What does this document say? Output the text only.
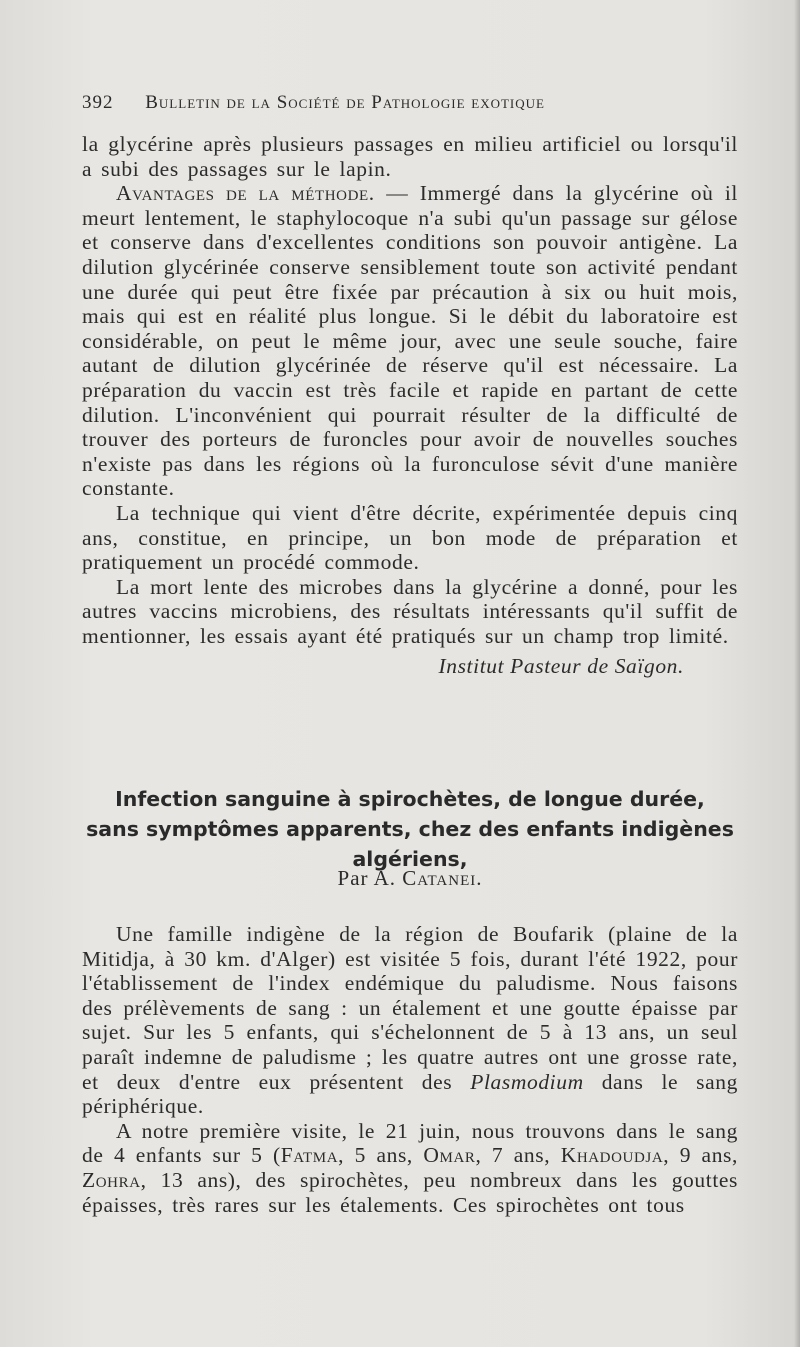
392 Bulletin de la Société de Pathologie exotique

la glycérine après plusieurs passages en milieu artificiel ou lorsqu'il a subi des passages sur le lapin.

Avantages de la méthode. — Immergé dans la glycérine où il meurt lentement, le staphylocoque n'a subi qu'un passage sur gélose et conserve dans d'excellentes conditions son pouvoir antigène. La dilution glycérinée conserve sensiblement toute son activité pendant une durée qui peut être fixée par précaution à six ou huit mois, mais qui est en réalité plus longue. Si le débit du laboratoire est considérable, on peut le même jour, avec une seule souche, faire autant de dilution glycérinée de réserve qu'il est nécessaire. La préparation du vaccin est très facile et rapide en partant de cette dilution. L'inconvénient qui pourrait résulter de la difficulté de trouver des porteurs de furoncles pour avoir de nouvelles souches n'existe pas dans les régions où la furonculose sévit d'une manière constante.

La technique qui vient d'être décrite, expérimentée depuis cinq ans, constitue, en principe, un bon mode de préparation et pratiquement un procédé commode.

La mort lente des microbes dans la glycérine a donné, pour les autres vaccins microbiens, des résultats intéressants qu'il suffit de mentionner, les essais ayant été pratiqués sur un champ trop limité.

Institut Pasteur de Saïgon.
Infection sanguine à spirochètes, de longue durée,
sans symptômes apparents, chez des enfants indigènes algériens,
Par A. Catanei.

Une famille indigène de la région de Boufarik (plaine de la Mitidja, à 30 km. d'Alger) est visitée 5 fois, durant l'été 1922, pour l'établissement de l'index endémique du paludisme. Nous faisons des prélèvements de sang : un étalement et une goutte épaisse par sujet. Sur les 5 enfants, qui s'échelonnent de 5 à 13 ans, un seul paraît indemne de paludisme ; les quatre autres ont une grosse rate, et deux d'entre eux présentent des Plasmodium dans le sang périphérique.

A notre première visite, le 21 juin, nous trouvons dans le sang de 4 enfants sur 5 (Fatma, 5 ans, Omar, 7 ans, Khadoudja, 9 ans, Zohra, 13 ans), des spirochètes, peu nombreux dans les gouttes épaisses, très rares sur les étalements. Ces spirochètes ont tous
